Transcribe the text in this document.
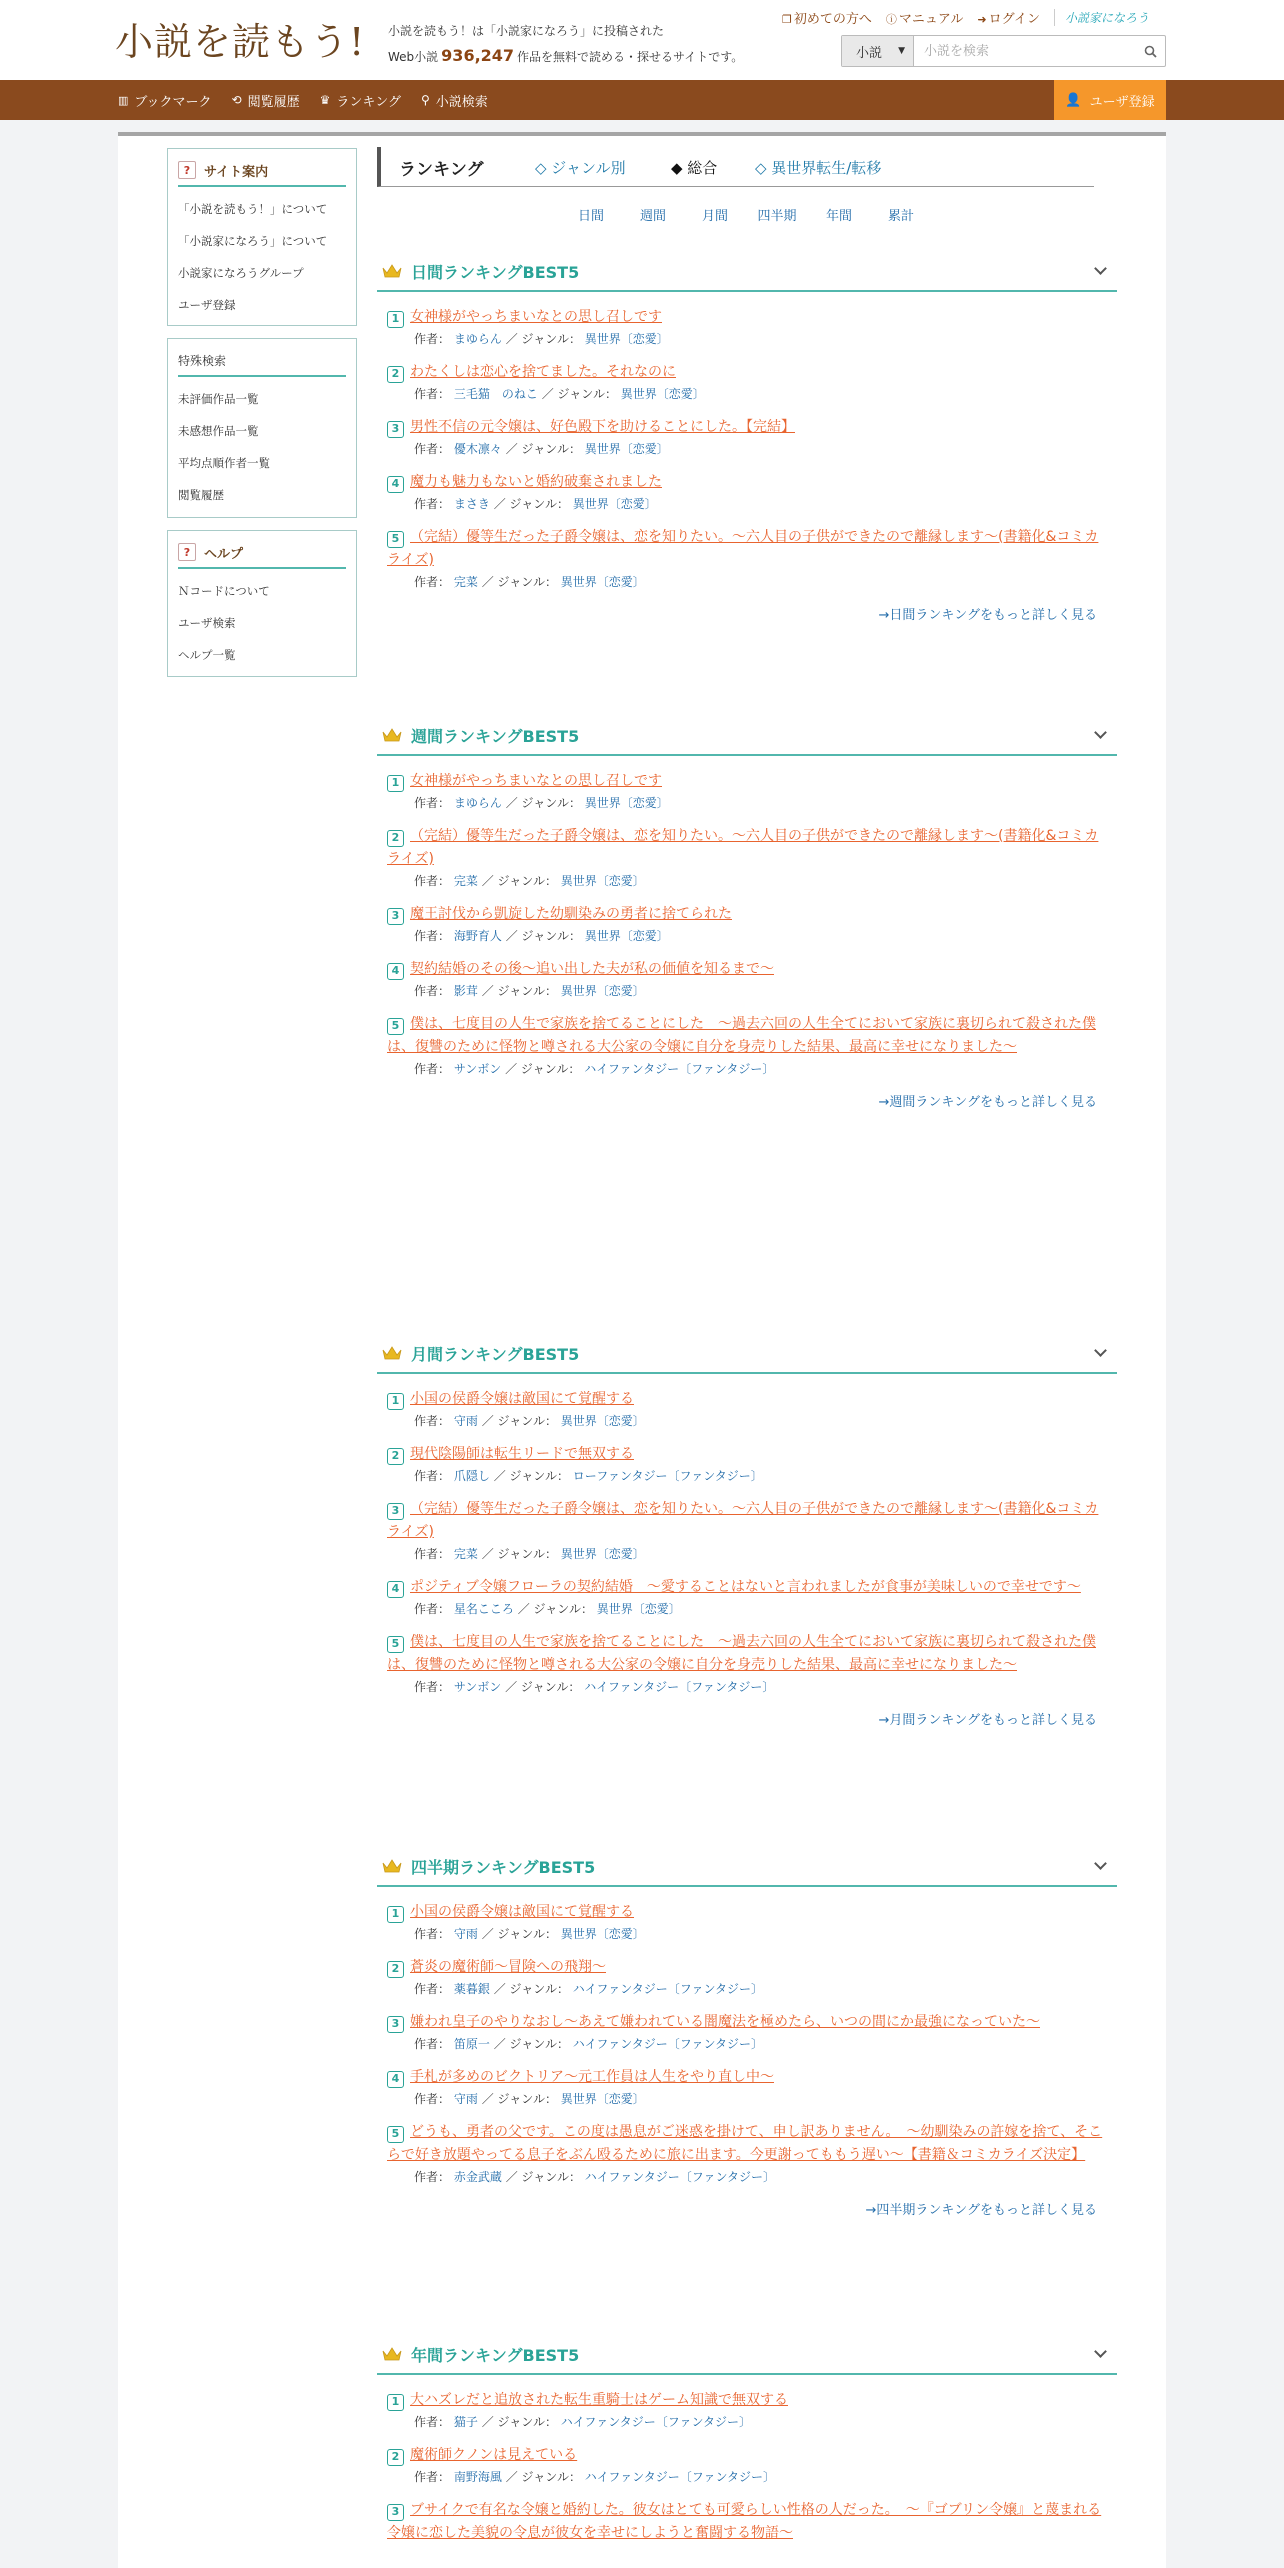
小説を読もう!	小説を読もう！は「小説家になろう」に投稿された
Web小説 936,247 作品を無料で読める・探せるサイトです。
❐ 初めての方へ ⓘ マニュアル ➜ ログイン	小説家になろう
小説 ▼
小説を検索
▥ ブックマーク ⟲ 閲覧履歴 ♛ ランキング ⚲ 小説検索	👤 ユーザ登録
?	サイト案内
「小説を読もう！」について
「小説家になろう」について
小説家になろうグループ
ユーザ登録
特殊検索
未評価作品一覧
未感想作品一覧
平均点順作者一覧
閲覧履歴
?	ヘルプ
Ｎコードについて
ユーザ検索
ヘルプ一覧
ランキング	◇ ジャンル別	◆ 総合	◇ 異世界転生/転移
日間	週間	月間	四半期	年間	累計
日間ランキングBEST5
1 女神様がやっちまいなとの思し召しです
作者： まゆらん ／ ジャンル： 異世界〔恋愛〕
2 わたくしは恋心を捨てました。それなのに
作者： 三毛猫　のねこ ／ ジャンル： 異世界〔恋愛〕
3 男性不信の元令嬢は、好色殿下を助けることにした。【完結】
作者： 優木凛々 ／ ジャンル： 異世界〔恋愛〕
4 魔力も魅力もないと婚約破棄されました
作者： まさき ／ ジャンル： 異世界〔恋愛〕
5 （完結）優等生だった子爵令嬢は、恋を知りたい。～六人目の子供ができたので離縁します～(書籍化&コミカライズ)
作者： 完菜 ／ ジャンル： 異世界〔恋愛〕
→日間ランキングをもっと詳しく見る
週間ランキングBEST5
1 女神様がやっちまいなとの思し召しです
作者： まゆらん ／ ジャンル： 異世界〔恋愛〕
2 （完結）優等生だった子爵令嬢は、恋を知りたい。～六人目の子供ができたので離縁します～(書籍化&コミカライズ)
作者： 完菜 ／ ジャンル： 異世界〔恋愛〕
3 魔王討伐から凱旋した幼馴染みの勇者に捨てられた
作者： 海野育人 ／ ジャンル： 異世界〔恋愛〕
4 契約結婚のその後〜追い出した夫が私の価値を知るまで〜
作者： 影茸 ／ ジャンル： 異世界〔恋愛〕
5 僕は、七度目の人生で家族を捨てることにした　～過去六回の人生全てにおいて家族に裏切られて殺された僕は、復讐のために怪物と噂される大公家の令嬢に自分を身売りした結果、最高に幸せになりました～
作者： サンボン ／ ジャンル： ハイファンタジー〔ファンタジー〕
→週間ランキングをもっと詳しく見る
月間ランキングBEST5
1 小国の侯爵令嬢は敵国にて覚醒する
作者： 守雨 ／ ジャンル： 異世界〔恋愛〕
2 現代陰陽師は転生リードで無双する
作者： 爪隠し ／ ジャンル： ローファンタジー〔ファンタジー〕
3 （完結）優等生だった子爵令嬢は、恋を知りたい。～六人目の子供ができたので離縁します～(書籍化&コミカライズ)
作者： 完菜 ／ ジャンル： 異世界〔恋愛〕
4 ポジティブ令嬢フローラの契約結婚　～愛することはないと言われましたが食事が美味しいので幸せです～
作者： 星名こころ ／ ジャンル： 異世界〔恋愛〕
5 僕は、七度目の人生で家族を捨てることにした　～過去六回の人生全てにおいて家族に裏切られて殺された僕は、復讐のために怪物と噂される大公家の令嬢に自分を身売りした結果、最高に幸せになりました～
作者： サンボン ／ ジャンル： ハイファンタジー〔ファンタジー〕
→月間ランキングをもっと詳しく見る
四半期ランキングBEST5
1 小国の侯爵令嬢は敵国にて覚醒する
作者： 守雨 ／ ジャンル： 異世界〔恋愛〕
2 蒼炎の魔術師〜冒険への飛翔〜
作者： 薬暮銀 ／ ジャンル： ハイファンタジー〔ファンタジー〕
3 嫌われ皇子のやりなおし～あえて嫌われている闇魔法を極めたら、いつの間にか最強になっていた～
作者： 笛原一 ／ ジャンル： ハイファンタジー〔ファンタジー〕
4 手札が多めのビクトリア〜元工作員は人生をやり直し中〜
作者： 守雨 ／ ジャンル： 異世界〔恋愛〕
5 どうも、勇者の父です。この度は愚息がご迷惑を掛けて、申し訳ありません。　〜幼馴染みの許嫁を捨て、そこらで好き放題やってる息子をぶん殴るために旅に出ます。今更謝ってももう遅い～【書籍＆コミカライズ決定】
作者： 赤金武蔵 ／ ジャンル： ハイファンタジー〔ファンタジー〕
→四半期ランキングをもっと詳しく見る
年間ランキングBEST5
1 大ハズレだと追放された転生重騎士はゲーム知識で無双する
作者： 猫子 ／ ジャンル： ハイファンタジー〔ファンタジー〕
2 魔術師クノンは見えている
作者： 南野海風 ／ ジャンル： ハイファンタジー〔ファンタジー〕
3 ブサイクで有名な令嬢と婚約した。彼女はとても可愛らしい性格の人だった。　～『ゴブリン令嬢』と蔑まれる令嬢に恋した美貌の令息が彼女を幸せにしようと奮闘する物語～
